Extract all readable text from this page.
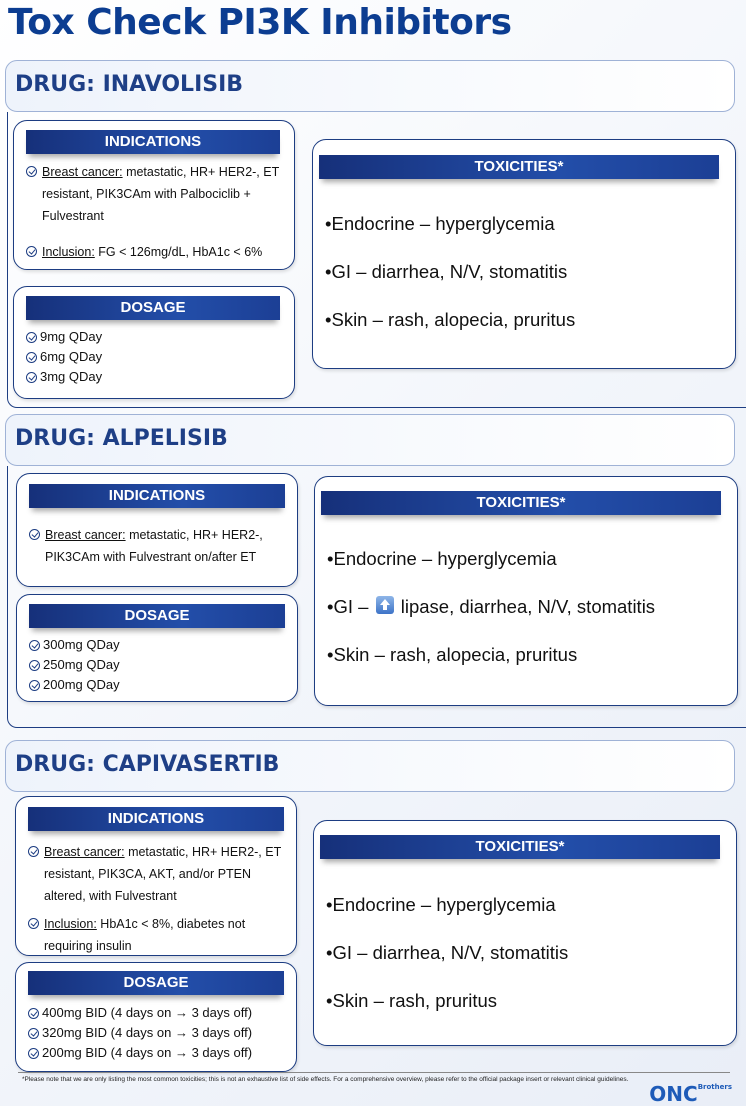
Tox Check PI3K Inhibitors
DRUG: INAVOLISIB
INDICATIONS
Breast cancer: metastatic, HR+ HER2-, ET resistant, PIK3CAm with Palbociclib + Fulvestrant
Inclusion: FG < 126mg/dL, HbA1c < 6%
DOSAGE
9mg QDay
6mg QDay
3mg QDay
TOXICITIES*
•Endocrine – hyperglycemia
•GI – diarrhea, N/V, stomatitis
•Skin – rash, alopecia, pruritus
DRUG: ALPELISIB
INDICATIONS
Breast cancer: metastatic, HR+ HER2-, PIK3CAm with Fulvestrant on/after ET
DOSAGE
300mg QDay
250mg QDay
200mg QDay
TOXICITIES*
•Endocrine – hyperglycemia
•GI – lipase, diarrhea, N/V, stomatitis
•Skin – rash, alopecia, pruritus
DRUG: CAPIVASERTIB
INDICATIONS
Breast cancer: metastatic, HR+ HER2-, ET resistant, PIK3CA, AKT, and/or PTEN altered, with Fulvestrant
Inclusion: HbA1c < 8%, diabetes not requiring insulin
DOSAGE
400mg BID (4 days on → 3 days off)
320mg BID (4 days on → 3 days off)
200mg BID (4 days on → 3 days off)
TOXICITIES*
•Endocrine – hyperglycemia
•GI – diarrhea, N/V, stomatitis
•Skin – rash, pruritus
*Please note that we are only listing the most common toxicities; this is not an exhaustive list of side effects. For a comprehensive overview, please refer to the official package insert or relevant clinical guidelines.
$ONC^{Brothers}$
